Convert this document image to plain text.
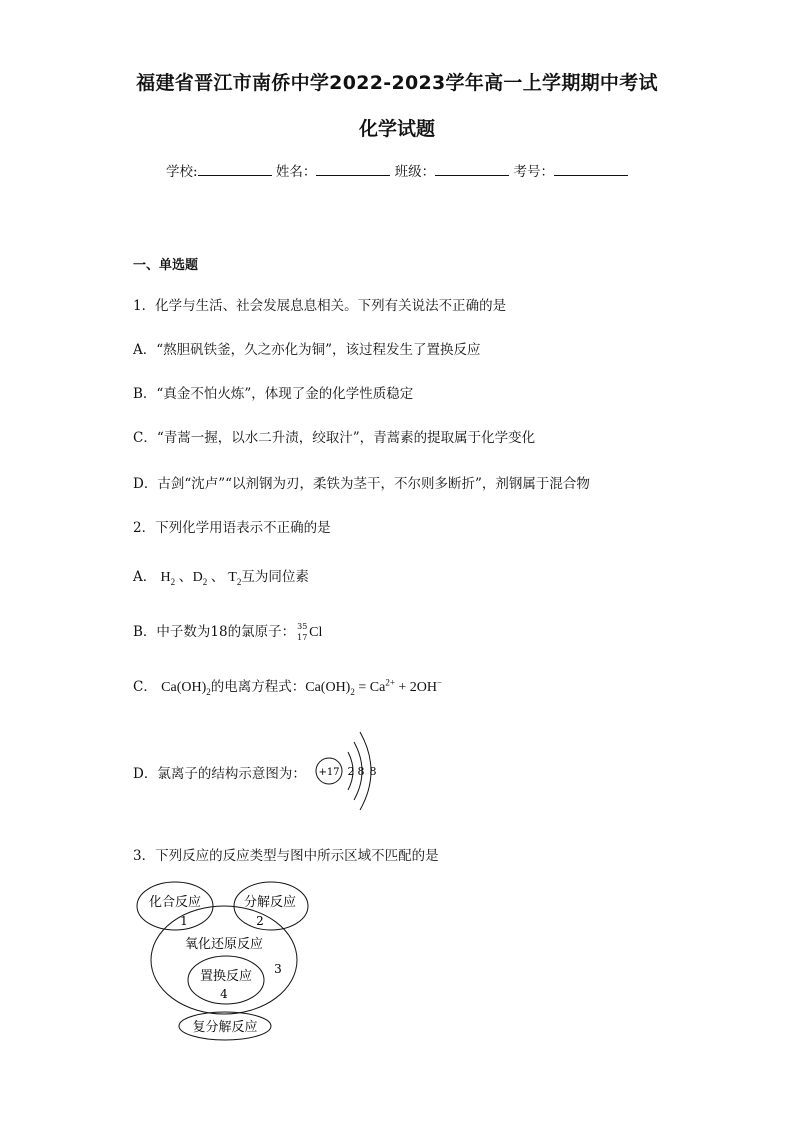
福建省晋江市南侨中学2022-2023学年高一上学期期中考试
化学试题
学校:	姓名：	班级：	考号：
一、单选题
1．化学与生活、社会发展息息相关。下列有关说法不正确的是
A．“熬胆矾铁釜，久之亦化为铜”，该过程发生了置换反应
B．“真金不怕火炼”，体现了金的化学性质稳定
C．“青蒿一握，以水二升渍，绞取汁”，青蒿素的提取属于化学变化
D．古剑“沈卢”“以剂钢为刃，柔铁为茎干，不尔则多断折”，剂钢属于混合物
2．下列化学用语表示不正确的是
A． $H_2$ 、$D_2$ 、 $T_2$互为同位素
B．中子数为18的氯原子： 35
17 Cl
C． $Ca(OH)_2$的电离方程式：$Ca(OH)_2 = Ca^{2+} + 2OH^-$
D．氯离子的结构示意图为： +17 2 8 8
3．下列反应的反应类型与图中所示区域不匹配的是
化合反应
1
分解反应
2
氧化还原反应
3
置换反应
4
复分解反应
